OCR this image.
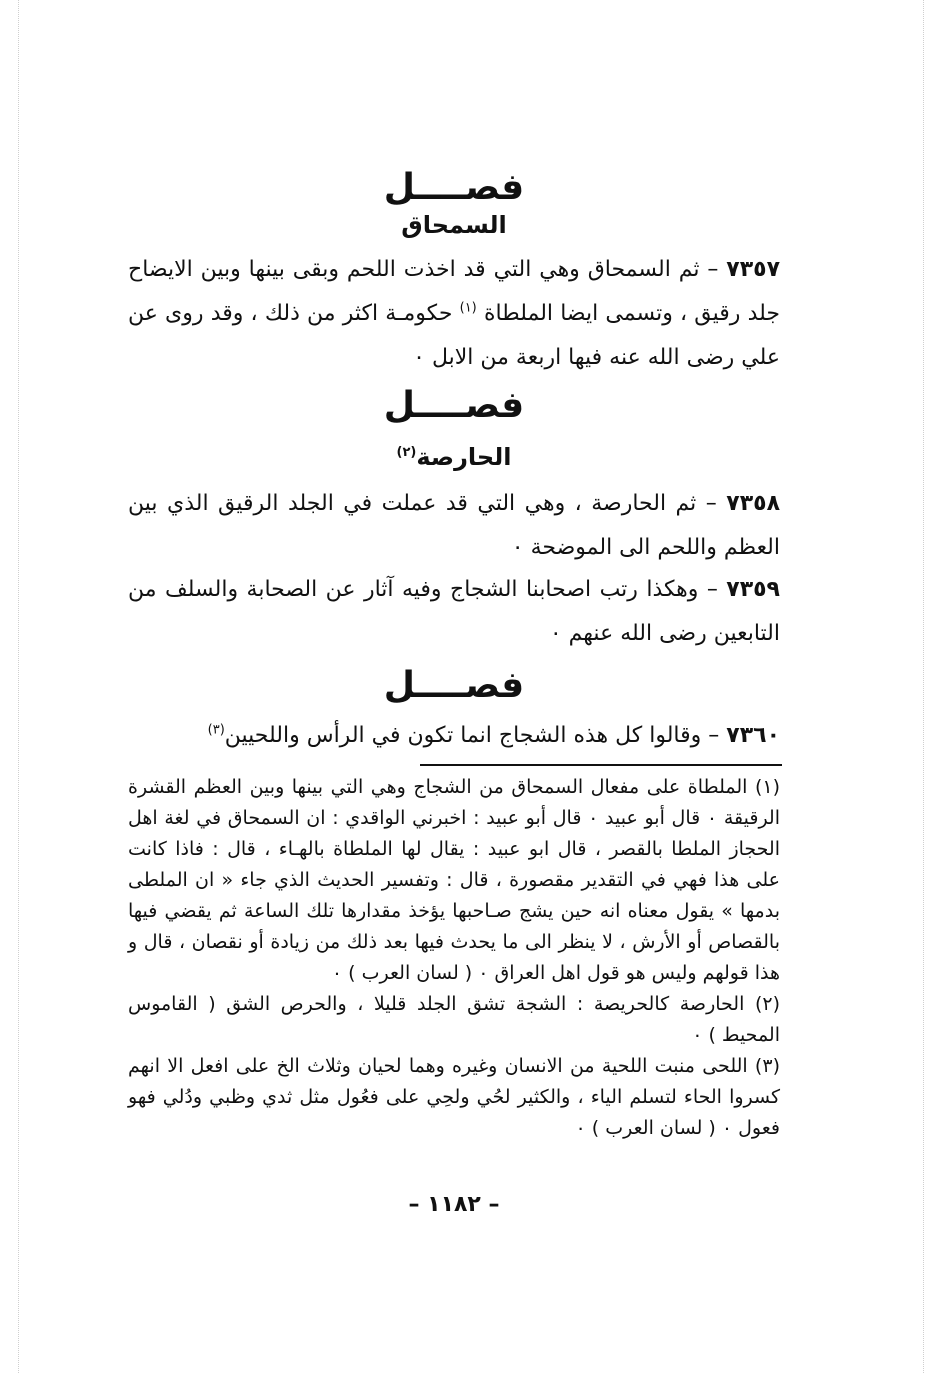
فصــــل
السمحاق
٧٣٥٧ – ثم السمحاق وهي التي قد اخذت اللحم وبقى بينها وبين الايضاح جلد رقيق ، وتسمى ايضا الملطاة $^{(١)}$ حكومـة اكثر من ذلك ، وقد روى عن علي رضى الله عنه فيها اربعة من الابل ٠
فصــــل
الحارصة$^{(٢)}$
٧٣٥٨ – ثم الحارصة ، وهي التي قد عملت في الجلد الرقيق الذي بين العظم واللحم الى الموضحة ٠
٧٣٥٩ – وهكذا رتب اصحابنا الشجاج وفيه آثار عن الصحابة والسلف من التابعين رضى الله عنهم ٠
فصــــل
٧٣٦٠ – وقالوا كل هذه الشجاج انما تكون في الرأس واللحيين$^{(٣)}$

(١) الملطاة على مفعال السمحاق من الشجاج وهي التي بينها وبين العظم القشرة الرقيقة ٠ قال أبو عبيد ٠ قال أبو عبيد : اخبرني الواقدي : ان السمحاق في لغة اهل الحجاز الملطا بالقصر ، قال ابو عبيد : يقال لها الملطاة بالهـاء ، قال : فاذا كانت على هذا فهي في التقدير مقصورة ، قال : وتفسير الحديث الذي جاء « ان الملطى بدمها » يقول معناه انه حين يشج صـاحبها يؤخذ مقدارها تلك الساعة ثم يقضي فيها بالقصاص أو الأرش ، لا ينظر الى ما يحدث فيها بعد ذلك من زيادة أو نقصان ، قال و هذا قولهم وليس هو قول اهل العراق ٠ ( لسان العرب ) ٠

(٢) الحارصة كالحريصة : الشجة تشق الجلد قليلا ، والحرص الشق ( القاموس المحيط ) ٠

(٣) اللحى منبت اللحية من الانسان وغيره وهما لحيان وثلاث الخ على افعل الا انهم كسروا الحاء لتسلم الياء ، والكثير لحُي ولحِي على فعُول مثل ثدي وظبي ودُلي فهو فعول ٠ ( لسان العرب ) ٠

– ١١٨٢ –
